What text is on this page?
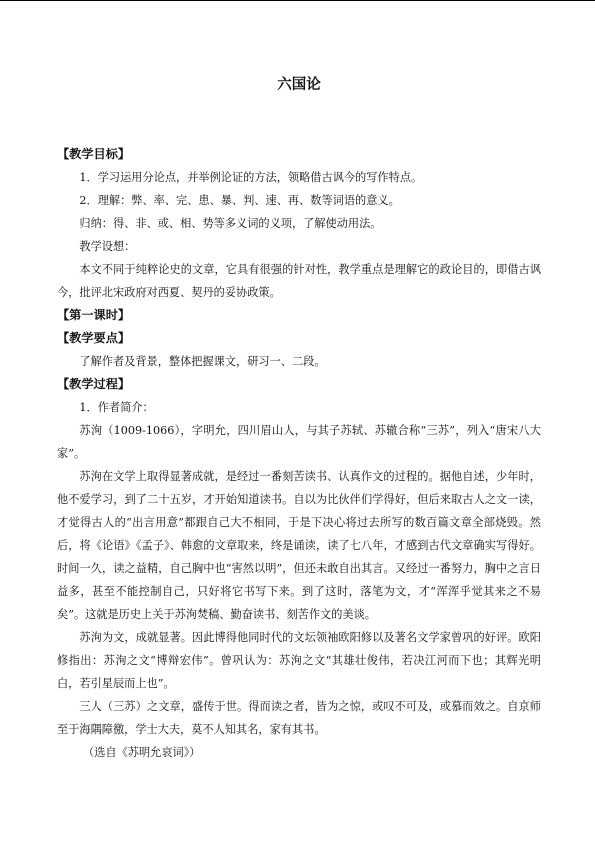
六国论
【教学目标】
1．学习运用分论点，并举例论证的方法，领略借古讽今的写作特点。
2．理解：弊、率、完、患、暴、判、速、再、数等词语的意义。
归纳：得、非、或、相、势等多义词的义项，了解使动用法。
教学设想：
本文不同于纯粹论史的文章，它具有很强的针对性，教学重点是理解它的政论目的，即借古讽今，批评北宋政府对西夏、契丹的妥协政策。
【第一课时】
【教学要点】
了解作者及背景，整体把握课文，研习一、二段。
【教学过程】
1．作者简介：
苏洵（1009-1066），字明允，四川眉山人，与其子苏轼、苏辙合称“三苏”，列入“唐宋八大家”。
苏洵在文学上取得显著成就，是经过一番刻苦读书、认真作文的过程的。据他自述，少年时，他不爱学习，到了二十五岁，才开始知道读书。自以为比伙伴们学得好，但后来取古人之文一读，才觉得古人的“出言用意”都跟自己大不相同，于是下决心将过去所写的数百篇文章全部烧毁。然后，将《论语》《孟子》、韩愈的文章取来，终是诵读，读了七八年，才感到古代文章确实写得好。时间一久，读之益精，自己胸中也“害然以明”，但还未敢自出其言。又经过一番努力，胸中之言日益多，甚至不能控制自己，只好将它书写下来。到了这时，落笔为文，才“浑浑乎觉其来之不易矣”。这就是历史上关于苏洵焚稿、勤奋读书、刻苦作文的美谈。
苏洵为文，成就显著。因此博得他同时代的文坛领袖欧阳修以及著名文学家曾巩的好评。欧阳修指出：苏洵之文“博辩宏伟”。曾巩认为：苏洵之文“其雄壮俊伟，若决江河而下也；其辉光明白，若引星辰而上也”。
三人（三苏）之文章，盛传于世。得而读之者，皆为之惊，或叹不可及，或慕而效之。自京师至于海隅障徼，学士大夫，莫不人知其名，家有其书。
（选自《苏明允哀词》）
